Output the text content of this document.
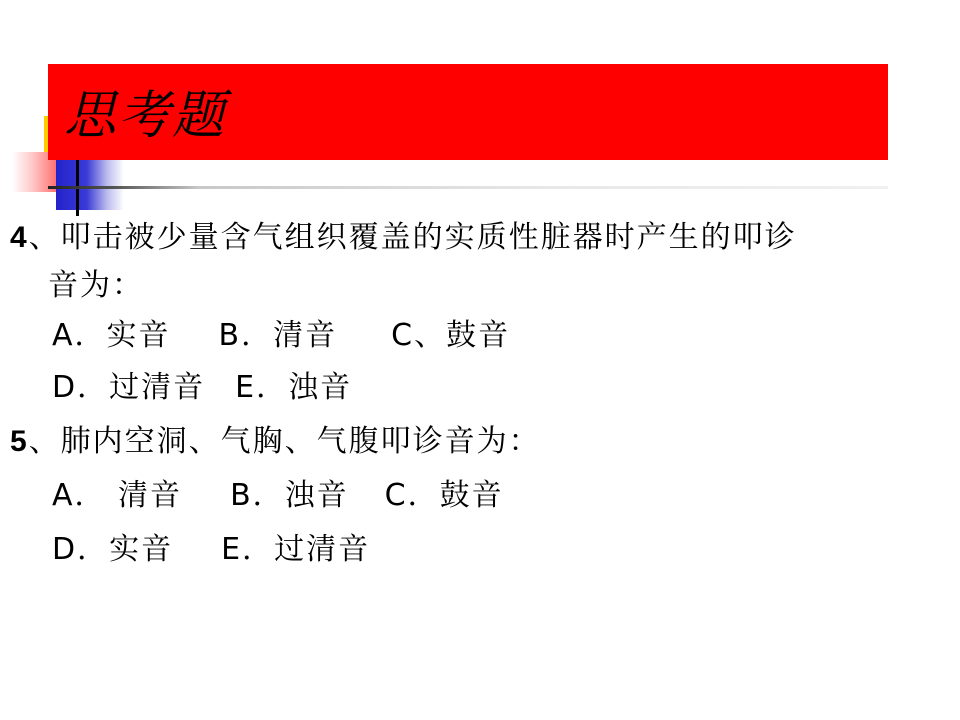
思考题

4、叩击被少量含气组织覆盖的实质性脏器时产生的叩诊

音为：

A．实音 B．清音 C、鼓音

D．过清音 E．浊音

5、肺内空洞、气胸、气腹叩诊音为：

A． 清音 B．浊音 C．鼓音

D．实音 E．过清音
